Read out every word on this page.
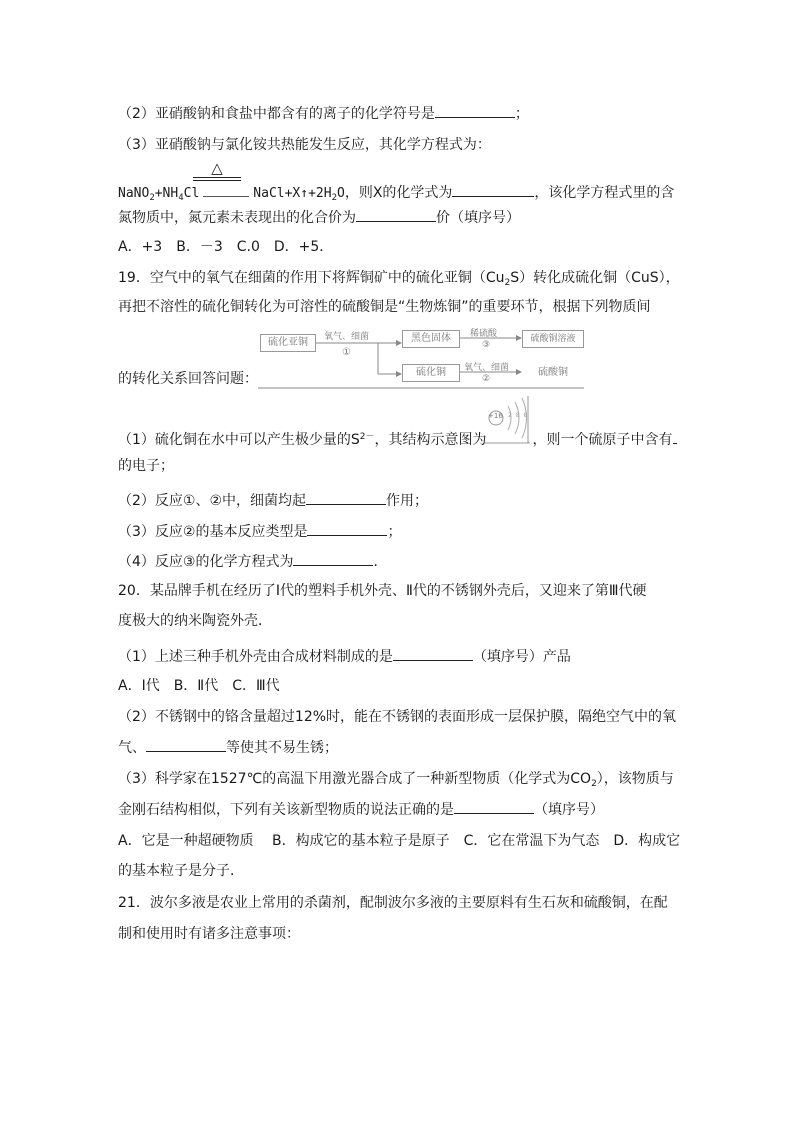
（2）亚硝酸钠和食盐中都含有的离子的化学符号是	；
（3）亚硝酸钠与氯化铵共热能发生反应，其化学方程式为：
△
$NaNO_2+NH_4Cl$	$NaCl+X↑+2H_2O$，则X的化学式为	，该化学方程式里的含
氮物质中，氮元素未表现出的化合价为	价（填序号）
A．+3　B．－3　C.0　D．+5．
19．空气中的氧气在细菌的作用下将辉铜矿中的硫化亚铜$(Cu_2S)$转化成硫化铜（CuS），
再把不溶性的硫化铜转化为可溶性的硫酸铜是“生物炼铜”的重要环节，根据下列物质间
硫化亚铜	氧气、细菌
①
黑色固体	稀硫酸
③
硫酸铜溶液
硫化铜	氧气、细菌
②
硫酸铜
的转化关系回答问题：
+16 2 8 8
（1）硫化铜在水中可以产生极少量的$S^{2-}$，其结构示意图为	，则一个硫原子中含有
的电子；
（2）反应①、②中，细菌均起	作用；
（3）反应②的基本反应类型是	；
（4）反应③的化学方程式为	．
20．某品牌手机在经历了Ⅰ代的塑料手机外壳、Ⅱ代的不锈钢外壳后，又迎来了第Ⅲ代硬
度极大的纳米陶瓷外壳．
（1）上述三种手机外壳由合成材料制成的是	（填序号）产品
A．Ⅰ代　B．Ⅱ代　C．Ⅲ代
（2）不锈钢中的铬含量超过12%时，能在不锈钢的表面形成一层保护膜，隔绝空气中的氧
气、	等使其不易生锈；
（3）科学家在1527℃的高温下用激光器合成了一种新型物质（化学式为$CO_2$），该物质与
金刚石结构相似，下列有关该新型物质的说法正确的是	（填序号）
A．它是一种超硬物质　 B．构成它的基本粒子是原子　C．它在常温下为气态　D．构成它
的基本粒子是分子．
21．波尔多液是农业上常用的杀菌剂，配制波尔多液的主要原料有生石灰和硫酸铜，在配
制和使用时有诸多注意事项：
